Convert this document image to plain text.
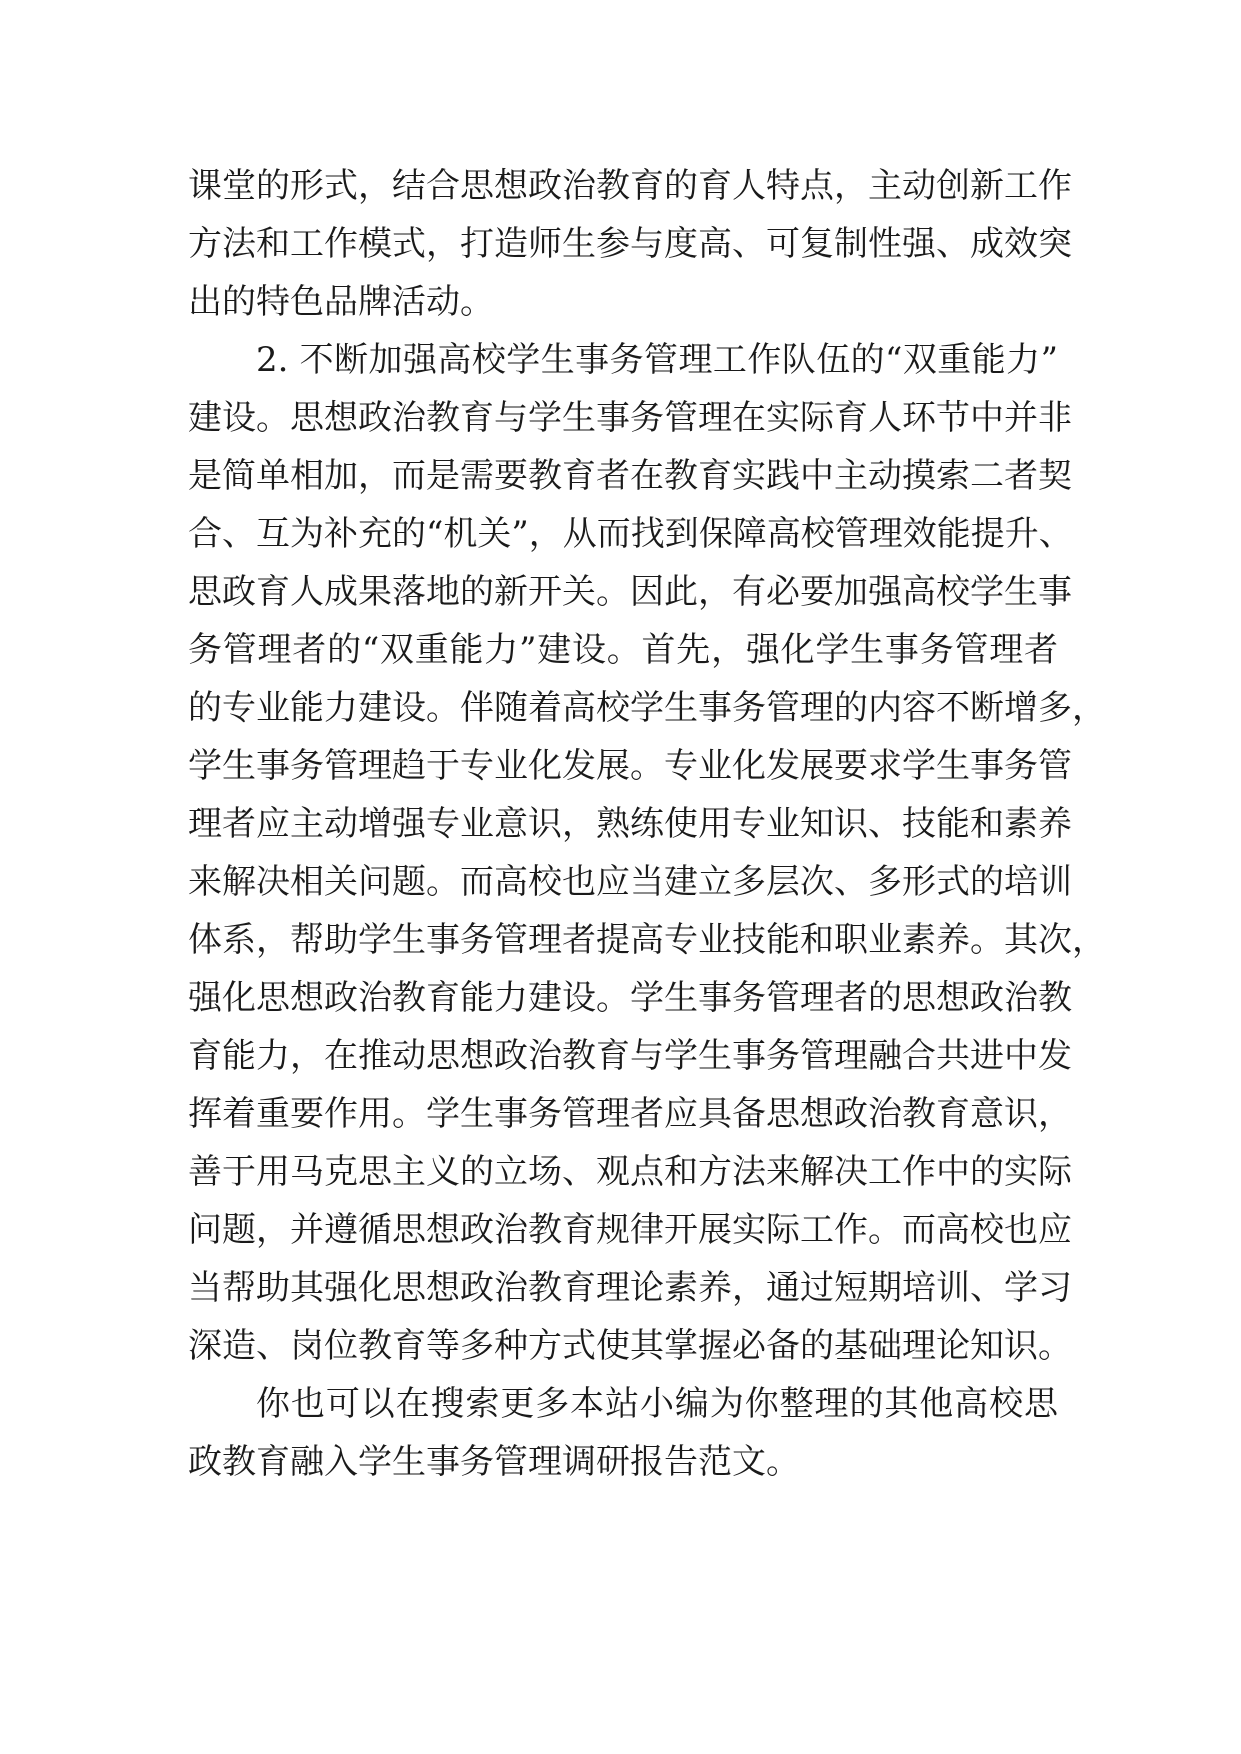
课堂的形式，结合思想政治教育的育人特点，主动创新工作
方法和工作模式，打造师生参与度高、可复制性强、成效突
出的特色品牌活动。
2. 不断加强高校学生事务管理工作队伍的“双重能力”
建设。思想政治教育与学生事务管理在实际育人环节中并非
是简单相加，而是需要教育者在教育实践中主动摸索二者契
合、互为补充的“机关”，从而找到保障高校管理效能提升、
思政育人成果落地的新开关。因此，有必要加强高校学生事
务管理者的“双重能力”建设。首先，强化学生事务管理者
的专业能力建设。伴随着高校学生事务管理的内容不断增多，
学生事务管理趋于专业化发展。专业化发展要求学生事务管
理者应主动增强专业意识，熟练使用专业知识、技能和素养
来解决相关问题。而高校也应当建立多层次、多形式的培训
体系，帮助学生事务管理者提高专业技能和职业素养。其次，
强化思想政治教育能力建设。学生事务管理者的思想政治教
育能力，在推动思想政治教育与学生事务管理融合共进中发
挥着重要作用。学生事务管理者应具备思想政治教育意识，
善于用马克思主义的立场、观点和方法来解决工作中的实际
问题，并遵循思想政治教育规律开展实际工作。而高校也应
当帮助其强化思想政治教育理论素养，通过短期培训、学习
深造、岗位教育等多种方式使其掌握必备的基础理论知识。
你也可以在搜索更多本站小编为你整理的其他高校思
政教育融入学生事务管理调研报告范文。
